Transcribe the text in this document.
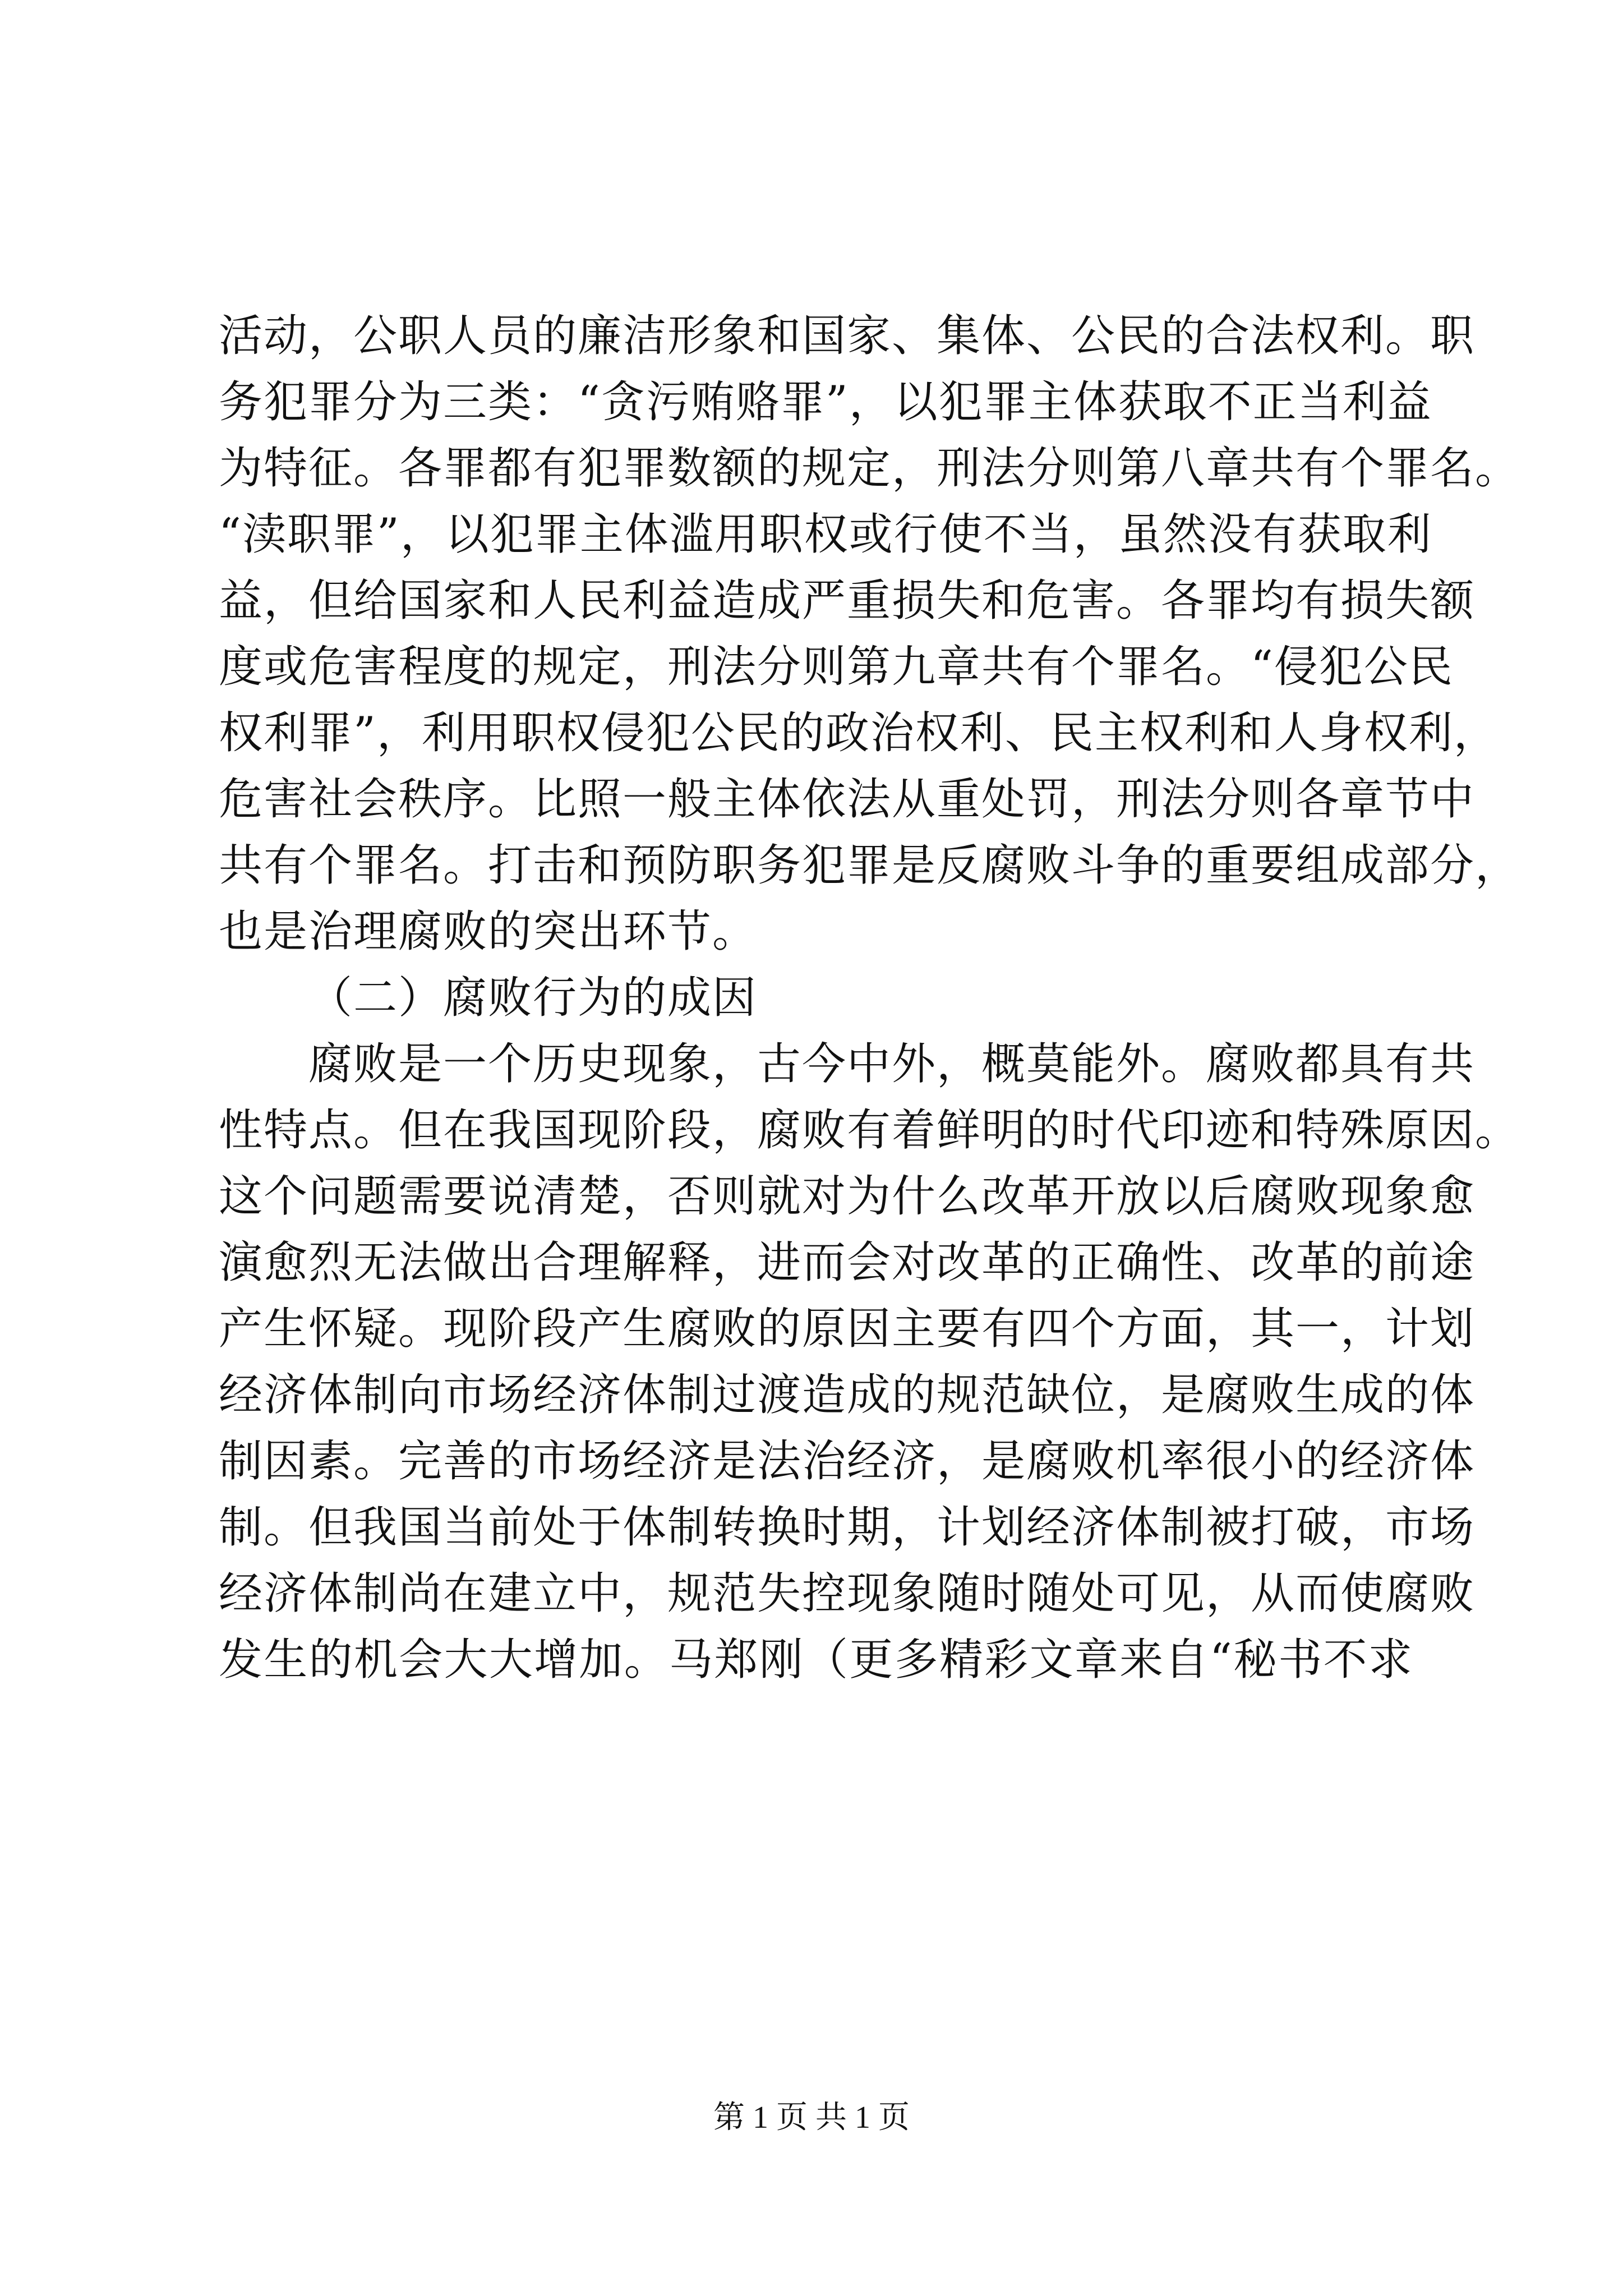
活动，公职人员的廉洁形象和国家、集体、公民的合法权利。职
务犯罪分为三类：“贪污贿赂罪”，以犯罪主体获取不正当利益
为特征。各罪都有犯罪数额的规定，刑法分则第八章共有个罪名。
“渎职罪”，以犯罪主体滥用职权或行使不当，虽然没有获取利
益，但给国家和人民利益造成严重损失和危害。各罪均有损失额
度或危害程度的规定，刑法分则第九章共有个罪名。“侵犯公民
权利罪”，利用职权侵犯公民的政治权利、民主权利和人身权利，
危害社会秩序。比照一般主体依法从重处罚，刑法分则各章节中
共有个罪名。打击和预防职务犯罪是反腐败斗争的重要组成部分，
也是治理腐败的突出环节。
（二）腐败行为的成因
腐败是一个历史现象，古今中外，概莫能外。腐败都具有共
性特点。但在我国现阶段，腐败有着鲜明的时代印迹和特殊原因。
这个问题需要说清楚，否则就对为什么改革开放以后腐败现象愈
演愈烈无法做出合理解释，进而会对改革的正确性、改革的前途
产生怀疑。现阶段产生腐败的原因主要有四个方面，其一，计划
经济体制向市场经济体制过渡造成的规范缺位，是腐败生成的体
制因素。完善的市场经济是法治经济，是腐败机率很小的经济体
制。但我国当前处于体制转换时期，计划经济体制被打破，市场
经济体制尚在建立中，规范失控现象随时随处可见，从而使腐败
发生的机会大大增加。马郑刚（更多精彩文章来自“秘书不求
第 1 页 共 1 页
